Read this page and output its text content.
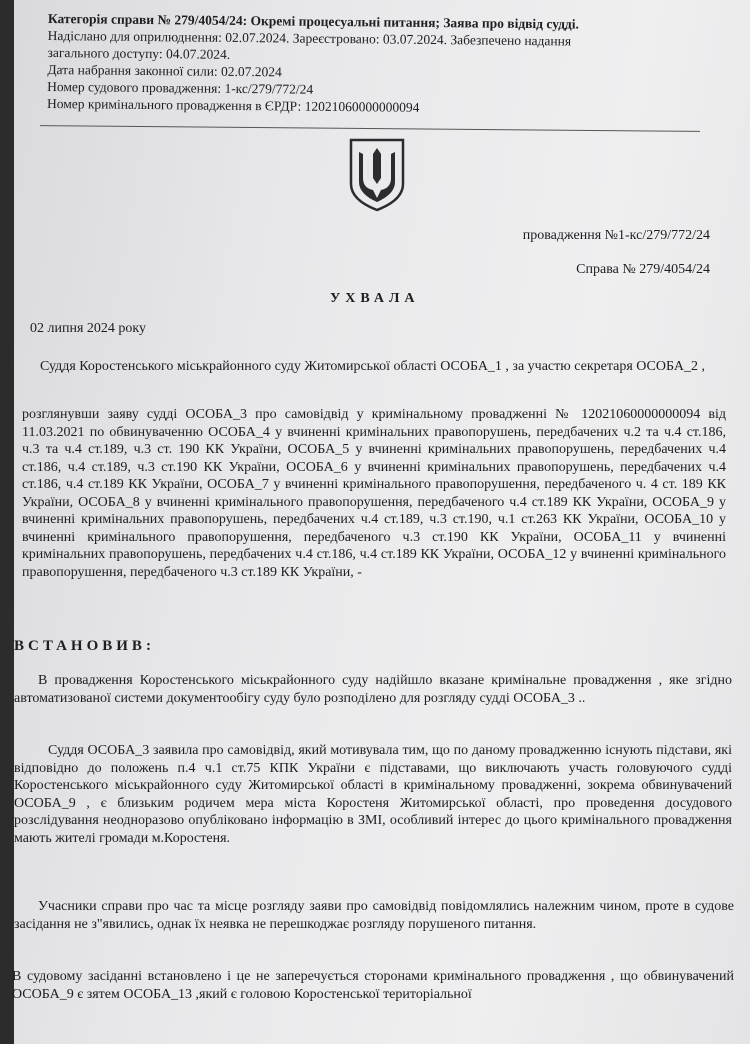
Категорія справи № 279/4054/24: Окремі процесуальні питання; Заява про відвід судді.
Надіслано для оприлюднення: 02.07.2024. Зареєстровано: 03.07.2024. Забезпечено надання
загального доступу: 04.07.2024.
Дата набрання законної сили: 02.07.2024
Номер судового провадження: 1-кс/279/772/24
Номер кримінального провадження в ЄРДР: 12021060000000094
провадження №1-кс/279/772/24
Справа № 279/4054/24
УХВАЛА
02 липня 2024 року
Суддя Коростенського міськрайонного суду Житомирської області ОСОБА_1 , за участю секретаря ОСОБА_2 ,
розглянувши заяву судді ОСОБА_3 про самовідвід у кримінальному провадженні № 12021060000000094 від 11.03.2021 по обвинуваченню ОСОБА_4 у вчиненні кримінальних правопорушень, передбачених ч.2 та ч.4 ст.186, ч.3 та ч.4 ст.189, ч.3 ст. 190 КК України, ОСОБА_5 у вчиненні кримінальних правопорушень, передбачених ч.4 ст.186, ч.4 ст.189, ч.3 ст.190 КК України, ОСОБА_6 у вчиненні кримінальних правопорушень, передбачених ч.4 ст.186, ч.4 ст.189 КК України, ОСОБА_7 у вчиненні кримінального правопорушення, передбаченого ч. 4 ст. 189 КК України, ОСОБА_8 у вчиненні кримінального правопорушення, передбаченого ч.4 ст.189 КК України, ОСОБА_9 у вчиненні кримінальних правопорушень, передбачених ч.4 ст.189, ч.3 ст.190, ч.1 ст.263 КК України, ОСОБА_10 у вчиненні кримінального правопорушення, передбаченого ч.3 ст.190 КК України, ОСОБА_11 у вчиненні кримінальних правопорушень, передбачених ч.4 ст.186, ч.4 ст.189 КК України, ОСОБА_12 у вчиненні кримінального правопорушення, передбаченого ч.3 ст.189 КК України, -
ВСТАНОВИВ:
В провадження Коростенського міськрайонного суду надійшло вказане кримінальне провадження , яке згідно автоматизованої системи документообігу суду було розподілено для розгляду судді ОСОБА_3 ..
Суддя ОСОБА_3 заявила про самовідвід, який мотивувала тим, що по даному провадженню існують підстави, які відповідно до положень п.4 ч.1 ст.75 КПК України є підставами, що виключають участь головуючого судді Коростенського міськрайонного суду Житомирської області в кримінальному провадженні, зокрема обвинувачений ОСОБА_9 , є близьким родичем мера міста Коростеня Житомирської області, про проведення досудового розслідування неодноразово опубліковано інформацію в ЗМІ, особливий інтерес до цього кримінального провадження мають жителі громади м.Коростеня.
Учасники справи про час та місце розгляду заяви про самовідвід повідомлялись належним чином, проте в судове засідання не з"явились, однак їх неявка не перешкоджає розгляду порушеного питання.
В судовому засіданні встановлено і це не заперечується сторонами кримінального провадження , що обвинувачений ОСОБА_9 є зятем ОСОБА_13 ,який є головою Коростенської територіальної
